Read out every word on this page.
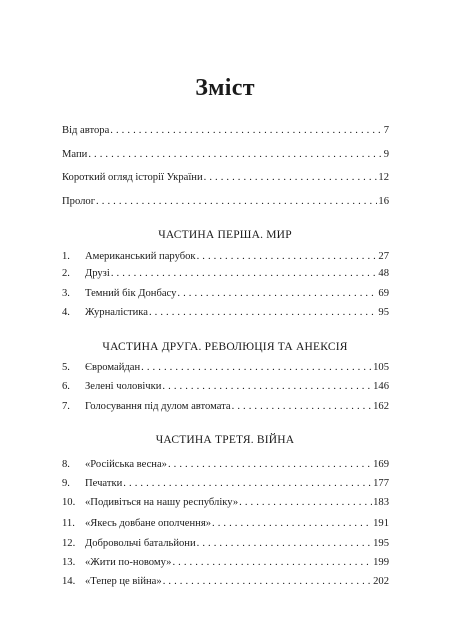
Зміст
Від автора . . .	7
Мапи . . .	9
Короткий огляд історії України . . .	12
Пролог . . .	16
ЧАСТИНА ПЕРША. МИР
1.	Американський парубок . . .	27
2.	Друзі . . .	48
3.	Темний бік Донбасу . . .	69
4.	Журналістика . . .	95
ЧАСТИНА ДРУГА. РЕВОЛЮЦІЯ ТА АНЕКСІЯ
5.	Євромайдан . . .	105
6.	Зелені чоловічки . . .	146
7.	Голосування під дулом автомата . . .	162
ЧАСТИНА ТРЕТЯ. ВІЙНА
8.	«Російська весна» . . .	169
9.	Печатки . . .	177
10. «Подивіться на нашу республіку» . . .	183
11. «Якесь довбане ополчення» . . .	191
12. Добровольчі батальйони . . .	195
13. «Жити по-новому» . . .	199
14. «Тепер це війна» . . .	202
